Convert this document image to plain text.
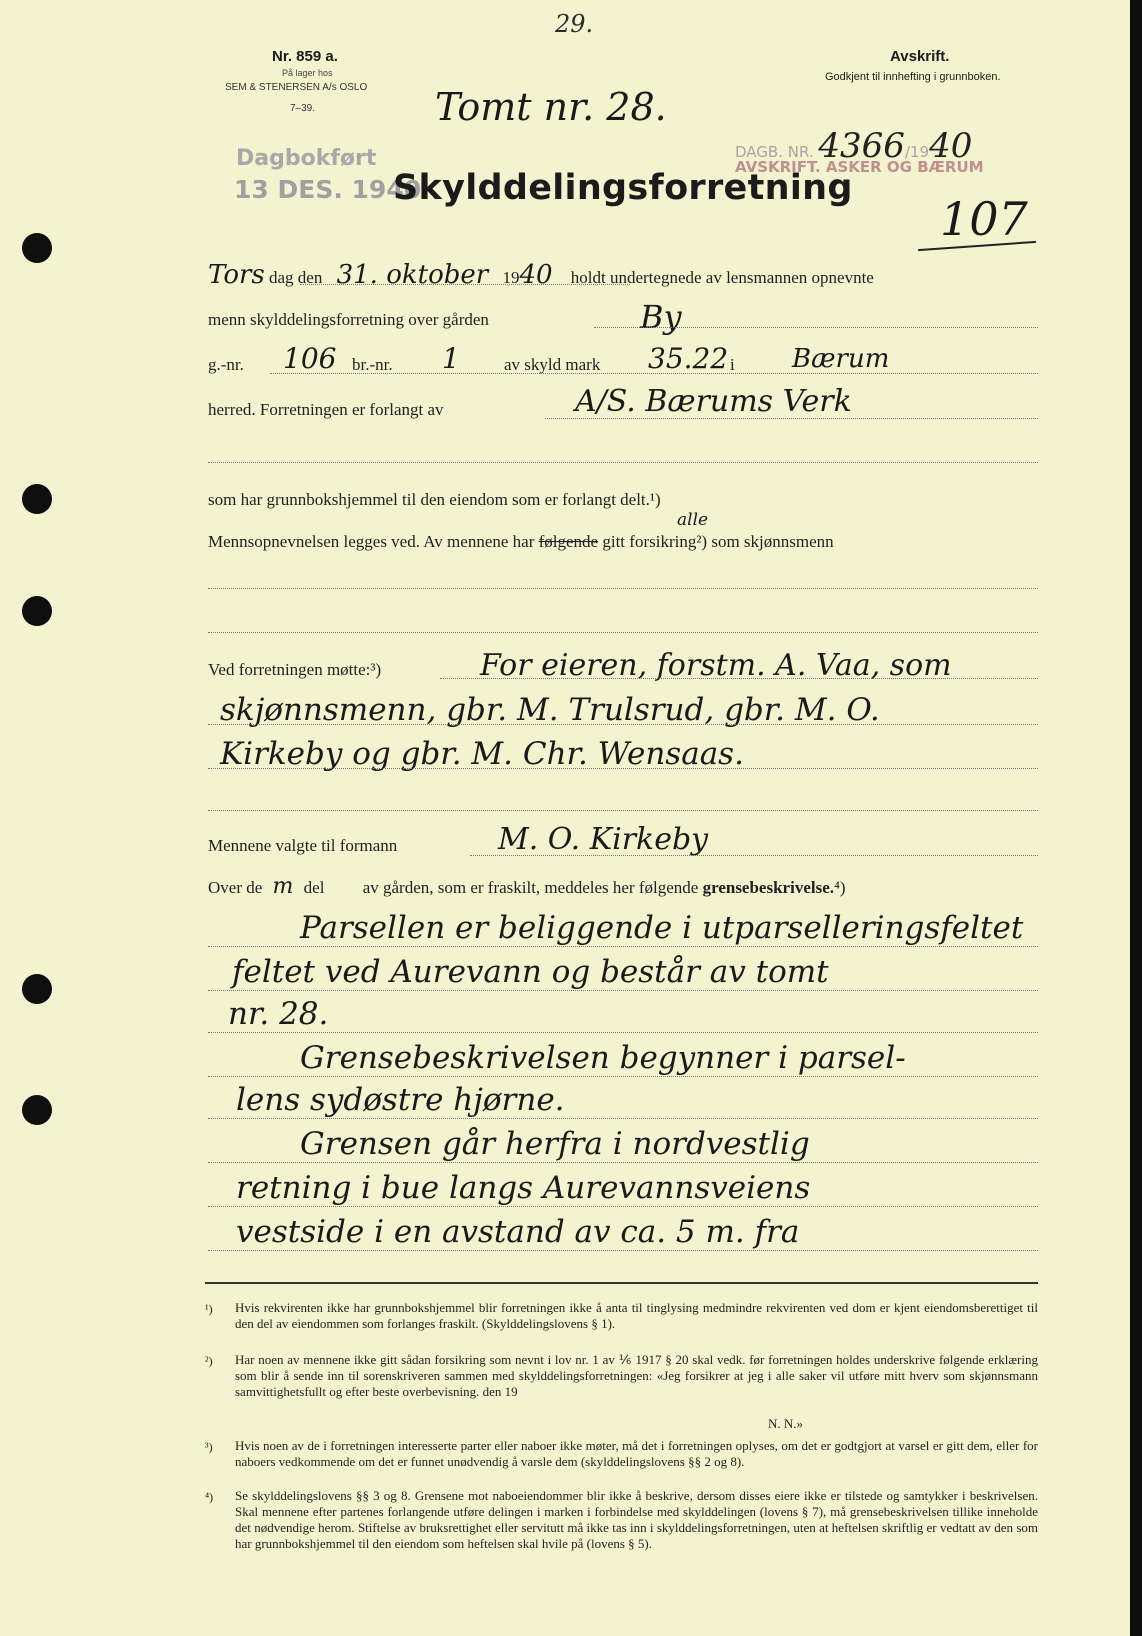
29.
Nr. 859 a.
På lager hos
SEM & STENERSEN A/s OSLO
7–39.
Avskrift.
Godkjent til innhefting i grunnboken.
Tomt nr. 28.
Dagbokført
13 DES. 1940
DAGB. NR. 4366/1940
AVSKRIFT. ASKER OG BÆRUM
107
Skylddelingsforretning
Tors dag den 31. oktober 1940 holdt undertegnede av lensmannen opnevnte
menn skylddelingsforretning over gården	By
g.-nr. 106 br.-nr. 1	av skyld mark 35.22 i Bærum
herred. Forretningen er forlangt av	A/S. Bærums Verk
som har grunnbokshjemmel til den eiendom som er forlangt delt.¹)
alle
Mennsopnevnelsen legges ved. Av mennene har følgende gitt forsikring²) som skjønnsmenn
Ved forretningen møtte:³)	For eieren, forstm. A. Vaa, som
skjønnsmenn, gbr. M. Trulsrud, gbr. M. O.
Kirkeby og gbr. M. Chr. Wensaas.
Mennene valgte til formann	M. O. Kirkeby
Over de m del av gården, som er fraskilt, meddeles her følgende grensebeskrivelse.⁴)
Parsellen er beliggende i utparselleringsfeltet
feltet ved Aurevann og består av tomt
nr. 28.
Grensebeskrivelsen begynner i parsel-
lens sydøstre hjørne.
Grensen går herfra i nordvestlig
retning i bue langs Aurevannsveiens
vestside i en avstand av ca. 5 m. fra
¹) Hvis rekvirenten ikke har grunnbokshjemmel blir forretningen ikke å anta til tinglysing medmindre rekvirenten ved dom er kjent eiendomsberettiget til den del av eiendommen som forlanges fraskilt. (Skylddelingslovens § 1).
²) Har noen av mennene ikke gitt sådan forsikring som nevnt i lov nr. 1 av ⅙ 1917 § 20 skal vedk. før forretningen holdes underskrive følgende erklæring som blir å sende inn til sorenskriveren sammen med skylddelingsforretningen: «Jeg forsikrer at jeg i alle saker vil utføre mitt hverv som skjønnsmann samvittighetsfullt og efter beste overbevisning. den 19
N. N.»
³) Hvis noen av de i forretningen interesserte parter eller naboer ikke møter, må det i forretningen oplyses, om det er godtgjort at varsel er gitt dem, eller for naboers vedkommende om det er funnet unødvendig å varsle dem (skylddelingslovens §§ 2 og 8).
⁴) Se skylddelingslovens §§ 3 og 8. Grensene mot naboeiendommer blir ikke å beskrive, dersom disses eiere ikke er tilstede og samtykker i beskrivelsen. Skal mennene efter partenes forlangende utføre delingen i marken i forbindelse med skylddelingen (lovens § 7), må grensebeskrivelsen tillike inneholde det nødvendige herom. Stiftelse av bruksrettighet eller servitutt må ikke tas inn i skylddelingsforretningen, uten at heftelsen skriftlig er vedtatt av den som har grunnbokshjemmel til den eiendom som heftelsen skal hvile på (lovens § 5).
